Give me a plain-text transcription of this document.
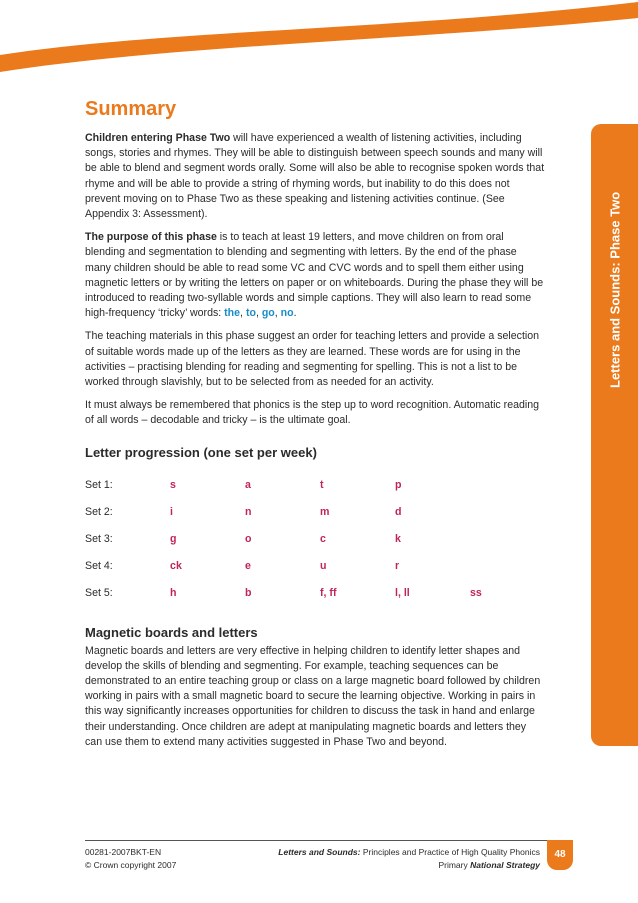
Letters and Sounds: Phase Two
Summary

Children entering Phase Two will have experienced a wealth of listening activities, including songs, stories and rhymes. They will be able to distinguish between speech sounds and many will be able to blend and segment words orally. Some will also be able to recognise spoken words that rhyme and will be able to provide a string of rhyming words, but inability to do this does not prevent moving on to Phase Two as these speaking and listening activities continue. (See Appendix 3: Assessment).

The purpose of this phase is to teach at least 19 letters, and move children on from oral blending and segmentation to blending and segmenting with letters. By the end of the phase many children should be able to read some VC and CVC words and to spell them either using magnetic letters or by writing the letters on paper or on whiteboards. During the phase they will be introduced to reading two-syllable words and simple captions. They will also learn to read some high-frequency ‘tricky’ words: the, to, go, no.

The teaching materials in this phase suggest an order for teaching letters and provide a selection of suitable words made up of the letters as they are learned. These words are for using in the activities – practising blending for reading and segmenting for spelling. This is not a list to be worked through slavishly, but to be selected from as needed for an activity.

It must always be remembered that phonics is the step up to word recognition. Automatic reading of all words – decodable and tricky – is the ultimate goal.

Letter progression (one set per week)
Set 1:	s	a	t	p	
Set 2:	i	n	m	d	
Set 3:	g	o	c	k	
Set 4:	ck	e	u	r	
Set 5:	h	b	f, ff	l, ll	ss
Magnetic boards and letters

Magnetic boards and letters are very effective in helping children to identify letter shapes and develop the skills of blending and segmenting. For example, teaching sequences can be demonstrated to an entire teaching group or class on a large magnetic board followed by children working in pairs with a small magnetic board to secure the learning objective. Working in pairs in this way significantly increases opportunities for children to discuss the task in hand and enlarge their understanding. Once children are adept at manipulating magnetic boards and letters they can use them to extend many activities suggested in Phase Two and beyond.

48
00281-2007BKT-EN
© Crown copyright 2007
Letters and Sounds: Principles and Practice of High Quality Phonics
Primary National Strategy
